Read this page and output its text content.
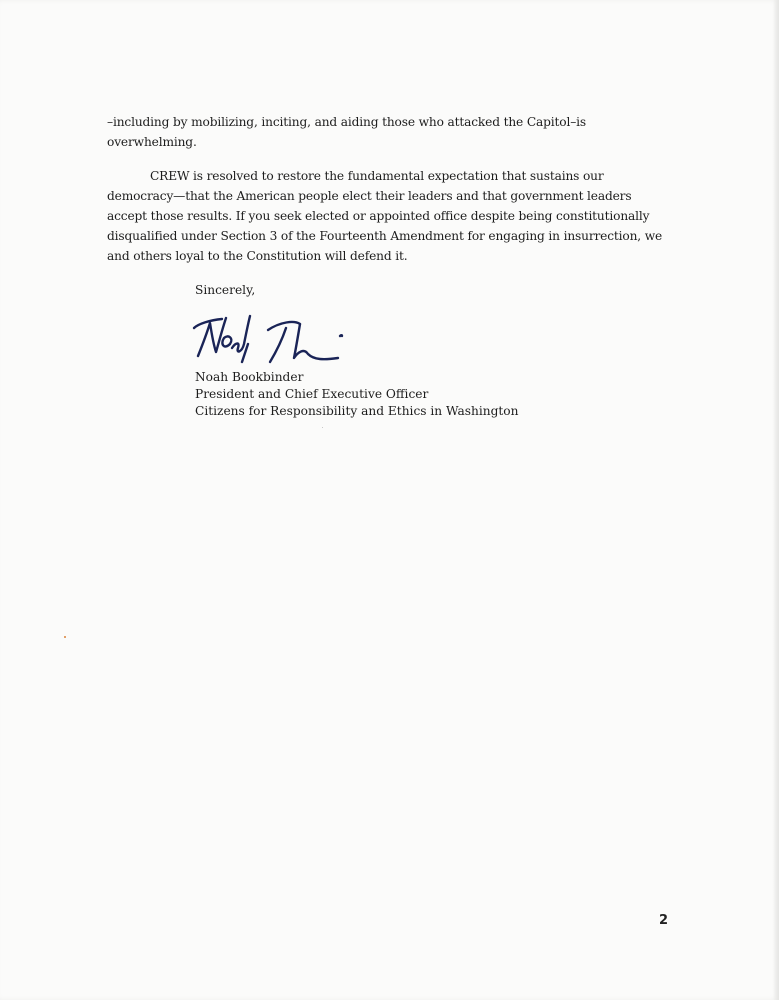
–including by mobilizing, inciting, and aiding those who attacked the Capitol–is overwhelming.

CREW is resolved to restore the fundamental expectation that sustains our democracy—that the American people elect their leaders and that government leaders accept those results. If you seek elected or appointed office despite being constitutionally disqualified under Section 3 of the Fourteenth Amendment for engaging in insurrection, we and others loyal to the Constitution will defend it.

Sincerely,
Noah Bookbinder
President and Chief Executive Officer
Citizens for Responsibility and Ethics in Washington
2
